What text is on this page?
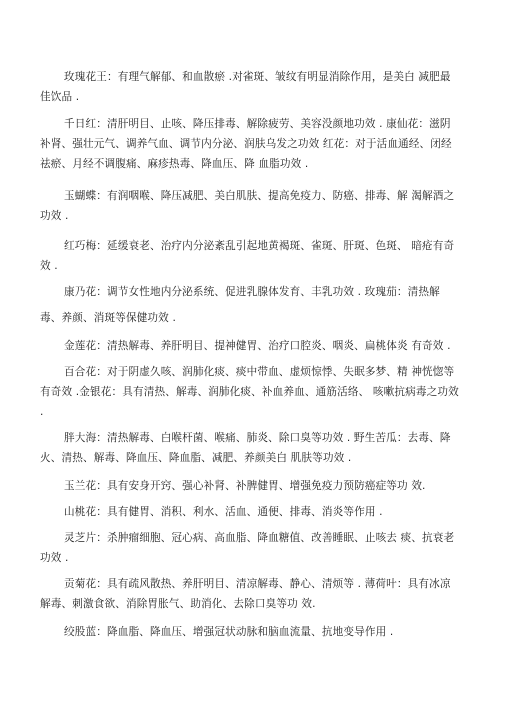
玫瑰花王：有理气解郁、和血散瘀 .对雀斑、皱纹有明显消除作用，是美白 减肥最佳饮品 .

千日红：清肝明目、止咳、降压排毒、解除疲劳、美容没颜地功效 . 康仙花：滋阴补肾、强壮元气、调养气血、调节内分泌、润肤乌发之功效 红花：对于活血通经、闭经祛瘀、月经不调腹痛、麻疹热毒、降血压、降 血脂功效 .

玉蝴蝶：有润咽喉、降压减肥、美白肌肤、提高免疫力、防癌、排毒、解 渴解酒之功效 .

红巧梅：延缓衰老、治疗内分泌紊乱引起地黄褐斑、雀斑、肝斑、色斑、 暗疮有奇效 .

康乃花：调节女性地内分泌系统、促进乳腺体发育、丰乳功效 . 玫瑰茄：清热解

毒、养颜、消斑等保健功效 .

金莲花：清热解毒、养肝明目、提神健胃、治疗口腔炎、咽炎、扁桃体炎 有奇效 .

百合花：对于阴虚久咳、润肺化痰、痰中带血、虚烦惊悸、失眠多梦、精 神恍惚等有奇效 .金银花：具有清热、解毒、润肺化痰、补血养血、通筋活络、 咳嗽抗病毒之功效 .

胖大海：清热解毒、白喉杆菌、喉痛、肺炎、除口臭等功效 . 野生苦瓜：去毒、降火、清热、解毒、降血压、降血脂、减肥、养颜美白 肌肤等功效 .

玉兰花：具有安身开窍、强心补肾、补脾健胃、增强免疫力预防癌症等功 效.

山桃花：具有健胃、消积、利水、活血、通便、排毒、消炎等作用 .

灵芝片：杀肿瘤细胞、冠心病、高血脂、降血糖值、改善睡眠、止咳去 痰、抗衰老功效 .

贡菊花：具有疏风散热、养肝明目、清凉解毒、静心、清烦等 . 薄荷叶：具有冰凉解毒、刺激食欲、消除胃胀气、助消化、去除口臭等功 效.

绞股蓝：降血脂、降血压、增强冠状动脉和脑血流量、抗地变导作用 .
